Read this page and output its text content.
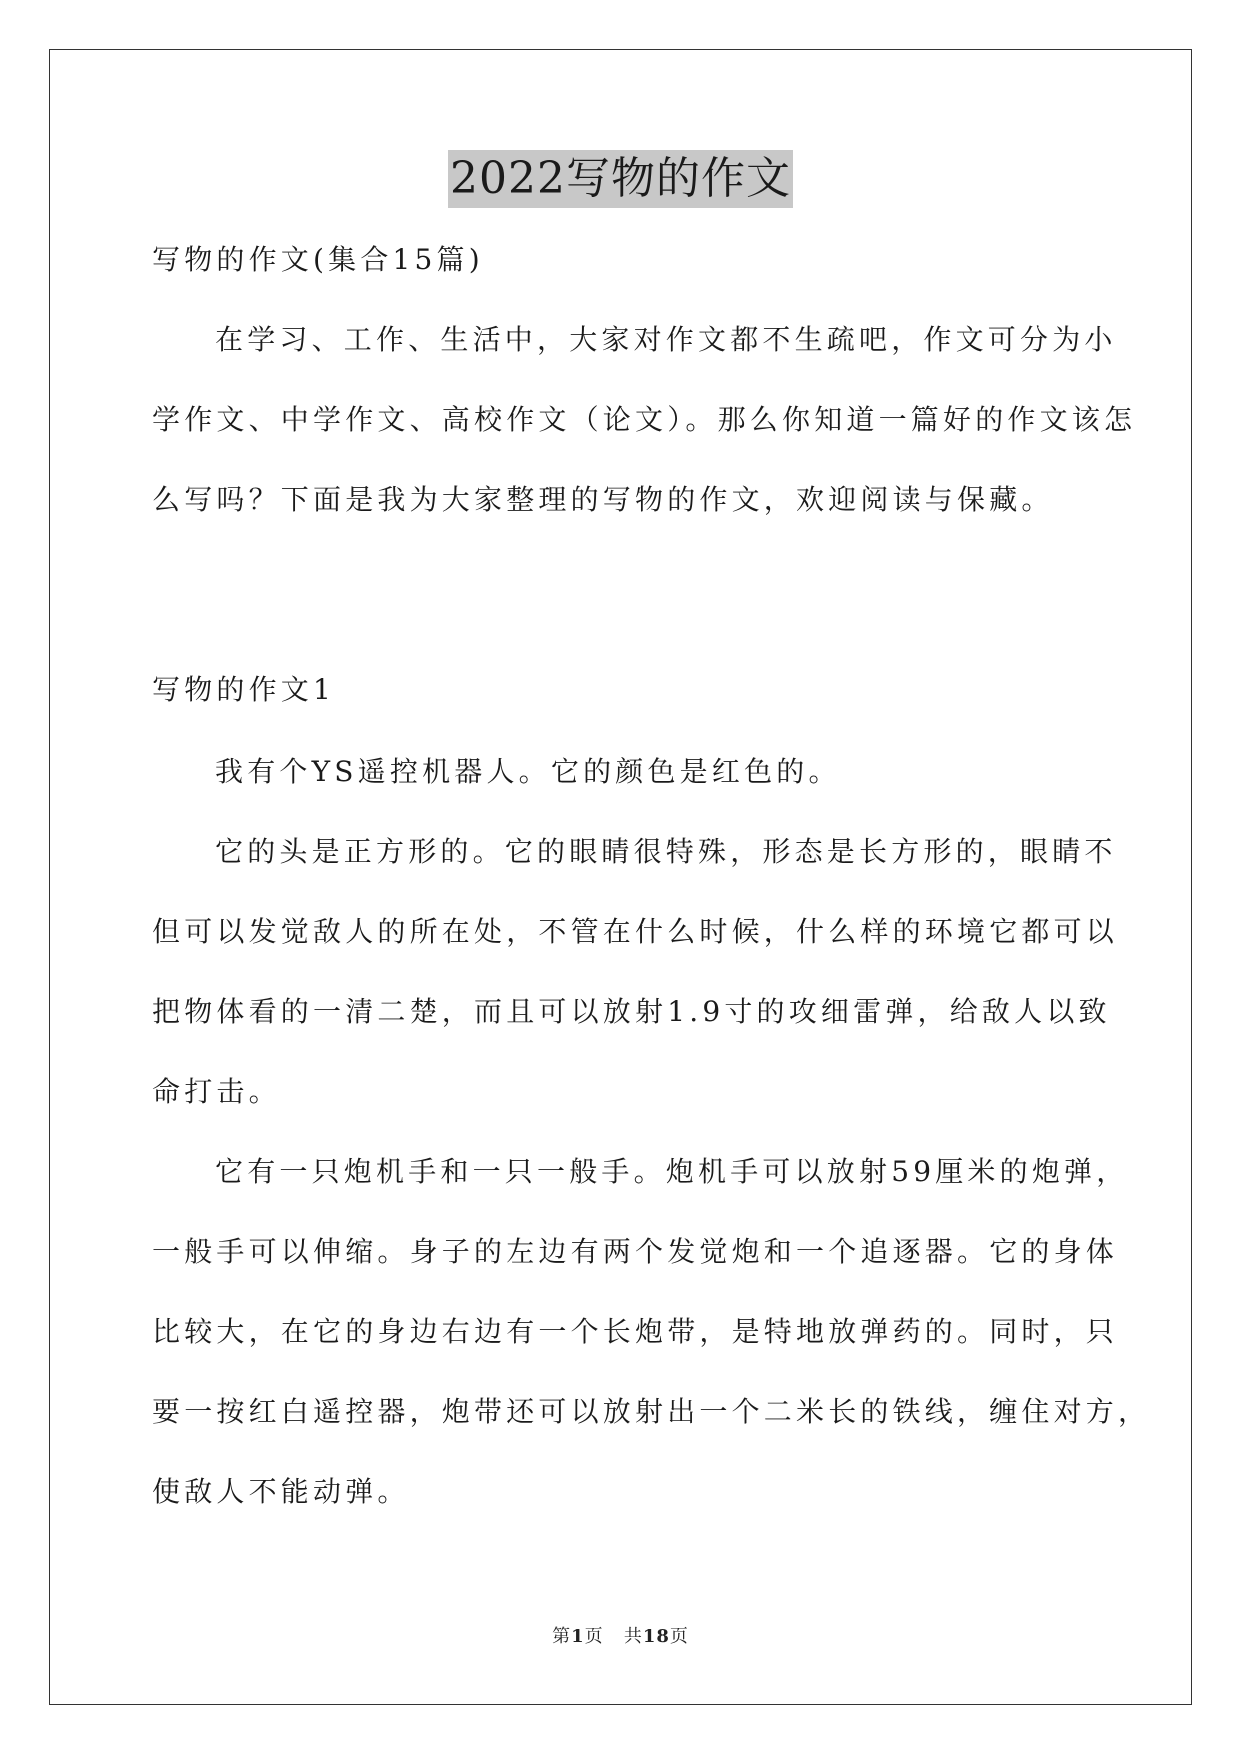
2022写物的作文
写物的作文(集合15篇)
在学习、工作、生活中，大家对作文都不生疏吧，作文可分为小
学作文、中学作文、高校作文（论文）。那么你知道一篇好的作文该怎
么写吗？下面是我为大家整理的写物的作文，欢迎阅读与保藏。
写物的作文1
我有个YS遥控机器人。它的颜色是红色的。
它的头是正方形的。它的眼睛很特殊，形态是长方形的，眼睛不
但可以发觉敌人的所在处，不管在什么时候，什么样的环境它都可以
把物体看的一清二楚，而且可以放射1.9寸的攻细雷弹，给敌人以致
命打击。
它有一只炮机手和一只一般手。炮机手可以放射59厘米的炮弹，
一般手可以伸缩。身子的左边有两个发觉炮和一个追逐器。它的身体
比较大，在它的身边右边有一个长炮带，是特地放弹药的。同时，只
要一按红白遥控器，炮带还可以放射出一个二米长的铁线，缠住对方，
使敌人不能动弹。
第1页 共18页
